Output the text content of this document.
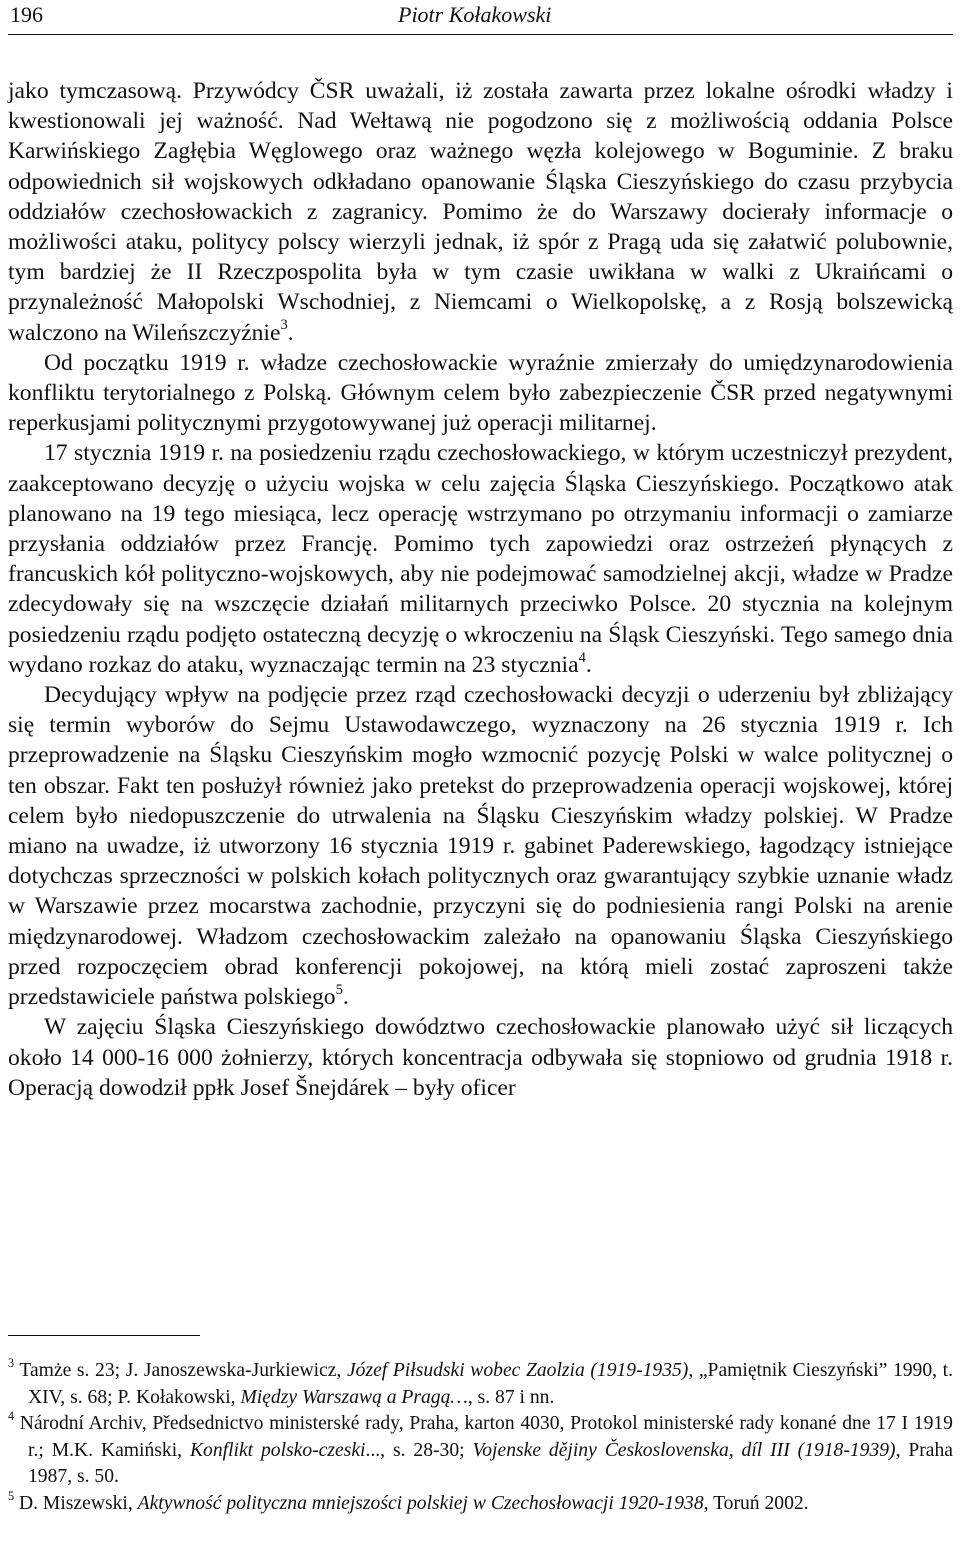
196	Piotr Kołakowski

jako tymczasową. Przywódcy ČSR uważali, iż została zawarta przez lokalne ośrodki władzy i kwestionowali jej ważność. Nad Wełtawą nie pogodzono się z możliwością oddania Polsce Karwińskiego Zagłębia Węglowego oraz ważnego węzła kolejowego w Boguminie. Z braku odpowiednich sił wojskowych odkładano opanowanie Śląska Cieszyńskiego do czasu przybycia oddziałów czechosłowackich z zagranicy. Pomimo że do Warszawy docierały informacje o możliwości ataku, politycy polscy wierzyli jednak, iż spór z Pragą uda się załatwić polubownie, tym bardziej że II Rzeczpospolita była w tym czasie uwikłana w walki z Ukraińcami o przynależność Małopolski Wschodniej, z Niemcami o Wielkopolskę, a z Rosją bolszewicką walczono na Wileńszczyźnie$^3$.

Od początku 1919 r. władze czechosłowackie wyraźnie zmierzały do umiędzynarodowienia konfliktu terytorialnego z Polską. Głównym celem było zabezpieczenie ČSR przed negatywnymi reperkusjami politycznymi przygotowywanej już operacji militarnej.

17 stycznia 1919 r. na posiedzeniu rządu czechosłowackiego, w którym uczestniczył prezydent, zaakceptowano decyzję o użyciu wojska w celu zajęcia Śląska Cieszyńskiego. Początkowo atak planowano na 19 tego miesiąca, lecz operację wstrzymano po otrzymaniu informacji o zamiarze przysłania oddziałów przez Francję. Pomimo tych zapowiedzi oraz ostrzeżeń płynących z francuskich kół polityczno-wojskowych, aby nie podejmować samodzielnej akcji, władze w Pradze zdecydowały się na wszczęcie działań militarnych przeciwko Polsce. 20 stycznia na kolejnym posiedzeniu rządu podjęto ostateczną decyzję o wkroczeniu na Śląsk Cieszyński. Tego samego dnia wydano rozkaz do ataku, wyznaczając termin na 23 stycznia$^4$.

Decydujący wpływ na podjęcie przez rząd czechosłowacki decyzji o uderzeniu był zbliżający się termin wyborów do Sejmu Ustawodawczego, wyznaczony na 26 stycznia 1919 r. Ich przeprowadzenie na Śląsku Cieszyńskim mogło wzmocnić pozycję Polski w walce politycznej o ten obszar. Fakt ten posłużył również jako pretekst do przeprowadzenia operacji wojskowej, której celem było niedopuszczenie do utrwalenia na Śląsku Cieszyńskim władzy polskiej. W Pradze miano na uwadze, iż utworzony 16 stycznia 1919 r. gabinet Paderewskiego, łagodzący istniejące dotychczas sprzeczności w polskich kołach politycznych oraz gwarantujący szybkie uznanie władz w Warszawie przez mocarstwa zachodnie, przyczyni się do podniesienia rangi Polski na arenie międzynarodowej. Władzom czechosłowackim zależało na opanowaniu Śląska Cieszyńskiego przed rozpoczęciem obrad konferencji pokojowej, na którą mieli zostać zaproszeni także przedstawiciele państwa polskiego$^5$.

W zajęciu Śląska Cieszyńskiego dowództwo czechosłowackie planowało użyć sił liczących około 14 000-16 000 żołnierzy, których koncentracja odbywała się stopniowo od grudnia 1918 r. Operacją dowodził ppłk Josef Šnejdárek – były oficer

$^3$ Tamże s. 23; J. Janoszewska-Jurkiewicz, Józef Piłsudski wobec Zaolzia (1919-1935), „Pamiętnik Cieszyński” 1990, t. XIV, s. 68; P. Kołakowski, Między Warszawą a Pragą…, s. 87 i nn.

$^4$ Národní Archiv, Předsednictvo ministerské rady, Praha, karton 4030, Protokol ministerské rady konané dne 17 I 1919 r.; M.K. Kamiński, Konflikt polsko-czeski..., s. 28-30; Vojenske dějiny Československa, díl III (1918-1939), Praha 1987, s. 50.

$^5$ D. Miszewski, Aktywność polityczna mniejszości polskiej w Czechosłowacji 1920-1938, Toruń 2002.
